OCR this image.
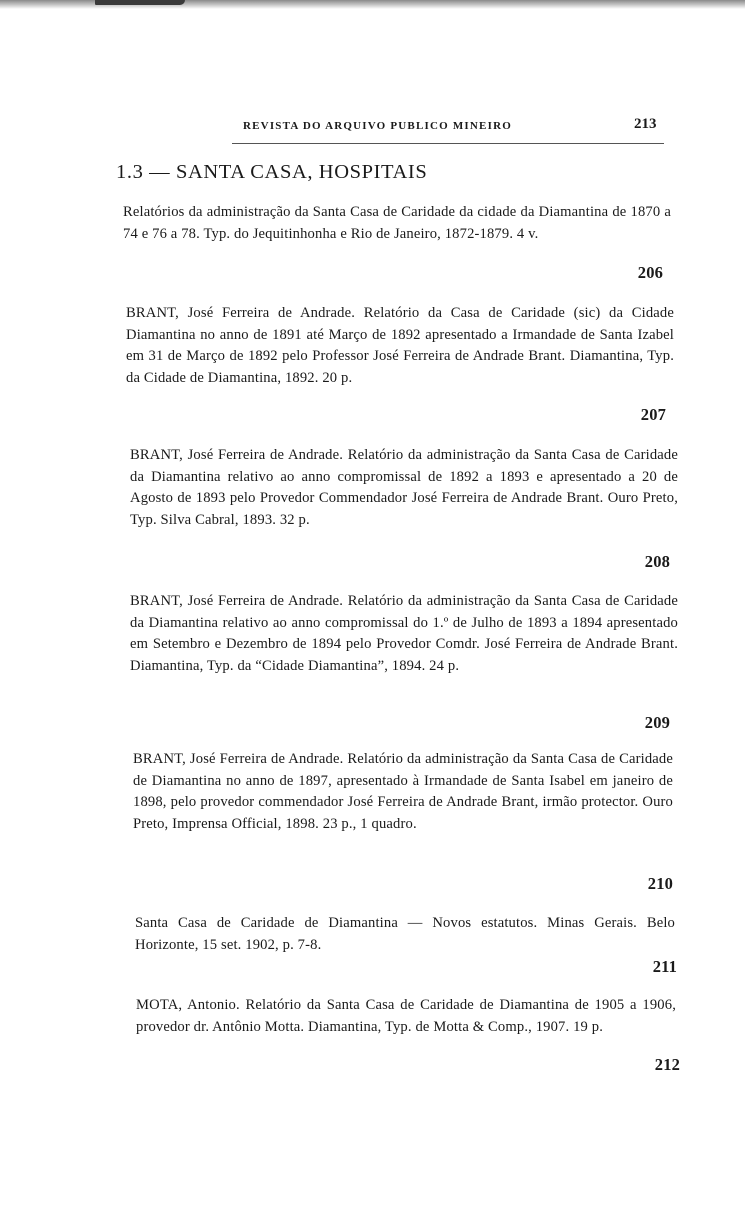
REVISTA DO ARQUIVO PUBLICO MINEIRO	213
1.3 — SANTA CASA, HOSPITAIS
Relatórios da administração da Santa Casa de Caridade da cidade da Diamantina de 1870 a 74 e 76 a 78. Typ. do Jequitinhonha e Rio de Janeiro, 1872-1879. 4 v.
206
BRANT, José Ferreira de Andrade. Relatório da Casa de Caridade (sic) da Cidade Diamantina no anno de 1891 até Março de 1892 apresentado a Irmandade de Santa Izabel em 31 de Março de 1892 pelo Professor José Ferreira de Andrade Brant. Diamantina, Typ. da Cidade de Diamantina, 1892. 20 p.
207
BRANT, José Ferreira de Andrade. Relatório da administração da Santa Casa de Caridade da Diamantina relativo ao anno compromissal de 1892 a 1893 e apresentado a 20 de Agosto de 1893 pelo Provedor Commendador José Ferreira de Andrade Brant. Ouro Preto, Typ. Silva Cabral, 1893. 32 p.
208
BRANT, José Ferreira de Andrade. Relatório da administração da Santa Casa de Caridade da Diamantina relativo ao anno compromissal do 1.º de Julho de 1893 a 1894 apresentado em Setembro e Dezembro de 1894 pelo Provedor Comdr. José Ferreira de Andrade Brant. Diamantina, Typ. da “Cidade Diamantina”, 1894. 24 p.
209
BRANT, José Ferreira de Andrade. Relatório da administração da Santa Casa de Caridade de Diamantina no anno de 1897, apresentado à Irmandade de Santa Isabel em janeiro de 1898, pelo provedor commendador José Ferreira de Andrade Brant, irmão protector. Ouro Preto, Imprensa Official, 1898. 23 p., 1 quadro.
210
Santa Casa de Caridade de Diamantina — Novos estatutos. Minas Gerais. Belo Horizonte, 15 set. 1902, p. 7-8.
211
MOTA, Antonio. Relatório da Santa Casa de Caridade de Diamantina de 1905 a 1906, provedor dr. Antônio Motta. Diamantina, Typ. de Motta & Comp., 1907. 19 p.
212
